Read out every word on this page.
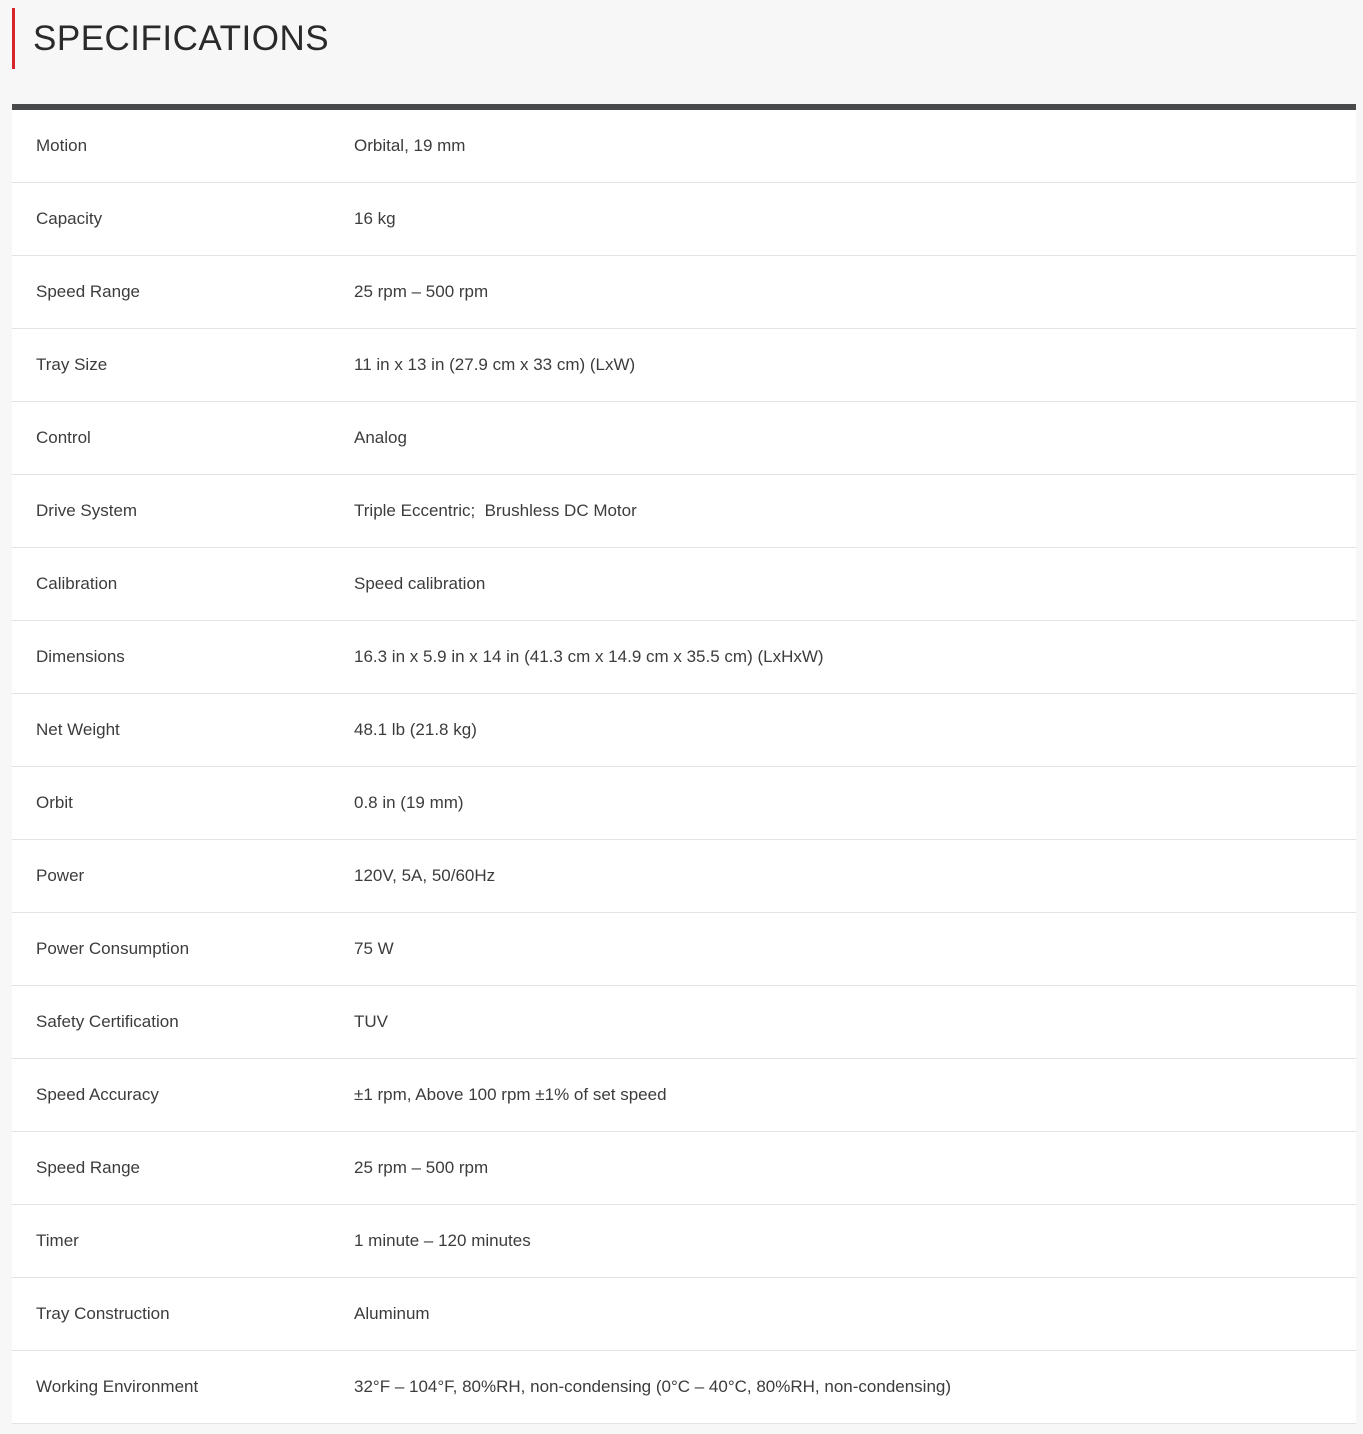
SPECIFICATIONS
Motion	Orbital, 19 mm
Capacity	16 kg
Speed Range	25 rpm – 500 rpm
Tray Size	11 in x 13 in (27.9 cm x 33 cm) (LxW)
Control	Analog
Drive System	Triple Eccentric;  Brushless DC Motor
Calibration	Speed calibration
Dimensions	16.3 in x 5.9 in x 14 in (41.3 cm x 14.9 cm x 35.5 cm) (LxHxW)
Net Weight	48.1 lb (21.8 kg)
Orbit	0.8 in (19 mm)
Power	120V, 5A, 50/60Hz
Power Consumption	75 W
Safety Certification	TUV
Speed Accuracy	±1 rpm, Above 100 rpm ±1% of set speed
Speed Range	25 rpm – 500 rpm
Timer	1 minute – 120 minutes
Tray Construction	Aluminum
Working Environment	32°F – 104°F, 80%RH, non-condensing (0°C – 40°C, 80%RH, non-condensing)
